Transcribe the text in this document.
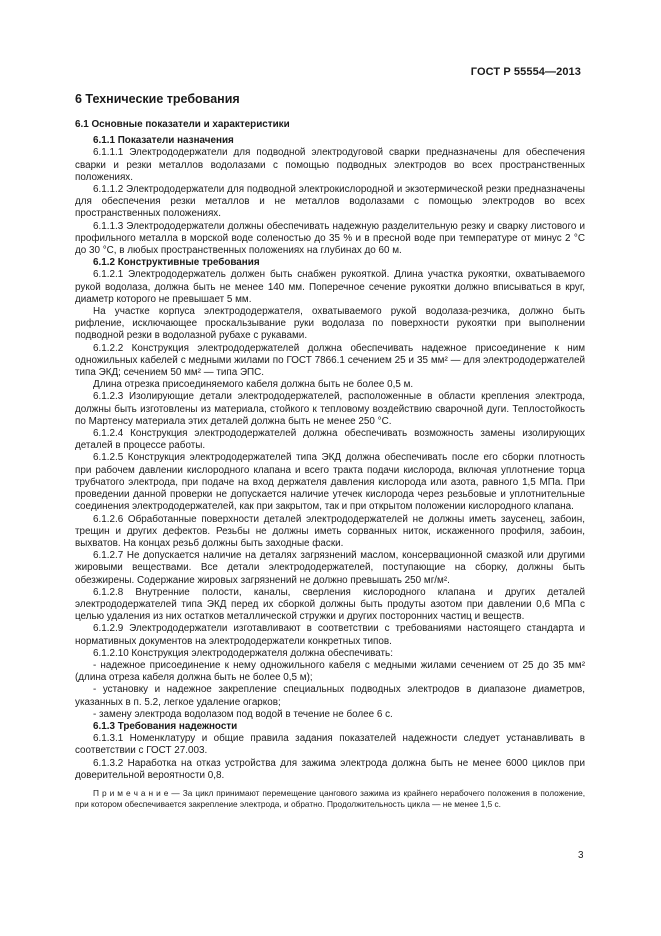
ГОСТ Р 55554—2013
6 Технические требования
6.1 Основные показатели и характеристики
6.1.1 Показатели назначения

6.1.1.1 Электрододержатели для подводной электродуговой сварки предназначены для обеспечения сварки и резки металлов водолазами с помощью подводных электродов во всех пространственных положениях.

6.1.1.2 Электрододержатели для подводной электрокислородной и экзотермической резки предназначены для обеспечения резки металлов и не металлов водолазами с помощью электродов во всех пространственных положениях.

6.1.1.3 Электрододержатели должны обеспечивать надежную разделительную резку и сварку листового и профильного металла в морской воде соленостью до 35 % и в пресной воде при температуре от минус 2 °С до 30 °С, в любых пространственных положениях на глубинах до 60 м.

6.1.2 Конструктивные требования

6.1.2.1 Электрододержатель должен быть снабжен рукояткой. Длина участка рукоятки, охватываемого рукой водолаза, должна быть не менее 140 мм. Поперечное сечение рукоятки должно вписываться в круг, диаметр которого не превышает 5 мм.

На участке корпуса электрододержателя, охватываемого рукой водолаза-резчика, должно быть рифление, исключающее проскальзывание руки водолаза по поверхности рукоятки при выполнении подводной резки в водолазной рубахе с рукавами.

6.1.2.2 Конструкция электрододержателей должна обеспечивать надежное присоединение к ним одножильных кабелей с медными жилами по ГОСТ 7866.1 сечением 25 и 35 мм² — для электрододержателей типа ЭКД; сечением 50 мм² — типа ЭПС.

Длина отрезка присоединяемого кабеля должна быть не более 0,5 м.

6.1.2.3 Изолирующие детали электрододержателей, расположенные в области крепления электрода, должны быть изготовлены из материала, стойкого к тепловому воздействию сварочной дуги. Теплостойкость по Мартенсу материала этих деталей должна быть не менее 250 °С.

6.1.2.4 Конструкция электрододержателей должна обеспечивать возможность замены изолирующих деталей в процессе работы.

6.1.2.5 Конструкция электрододержателей типа ЭКД должна обеспечивать после его сборки плотность при рабочем давлении кислородного клапана и всего тракта подачи кислорода, включая уплотнение торца трубчатого электрода, при подаче на вход держателя давления кислорода или азота, равного 1,5 МПа. При проведении данной проверки не допускается наличие утечек кислорода через резьбовые и уплотнительные соединения электрододержателей, как при закрытом, так и при открытом положении кислородного клапана.

6.1.2.6 Обработанные поверхности деталей электрододержателей не должны иметь заусенец, забоин, трещин и других дефектов. Резьбы не должны иметь сорванных ниток, искаженного профиля, забоин, выхватов. На концах резьб должны быть заходные фаски.

6.1.2.7 Не допускается наличие на деталях загрязнений маслом, консервационной смазкой или другими жировыми веществами. Все детали электрододержателей, поступающие на сборку, должны быть обезжирены. Содержание жировых загрязнений не должно превышать 250 мг/м².

6.1.2.8 Внутренние полости, каналы, сверления кислородного клапана и других деталей электрододержателей типа ЭКД перед их сборкой должны быть продуты азотом при давлении 0,6 МПа с целью удаления из них остатков металлической стружки и других посторонних частиц и веществ.

6.1.2.9 Электрододержатели изготавливают в соответствии с требованиями настоящего стандарта и нормативных документов на электрододержатели конкретных типов.

6.1.2.10 Конструкция электрододержателя должна обеспечивать:

- надежное присоединение к нему одножильного кабеля с медными жилами сечением от 25 до 35 мм² (длина отреза кабеля должна быть не более 0,5 м);

- установку и надежное закрепление специальных подводных электродов в диапазоне диаметров, указанных в п. 5.2, легкое удаление огарков;

- замену электрода водолазом под водой в течение не более 6 с.

6.1.3 Требования надежности

6.1.3.1 Номенклатуру и общие правила задания показателей надежности следует устанавливать в соответствии с ГОСТ 27.003.

6.1.3.2 Наработка на отказ устройства для зажима электрода должна быть не менее 6000 циклов при доверительной вероятности 0,8.

П р и м е ч а н и е — За цикл принимают перемещение цангового зажима из крайнего нерабочего положения в положение, при котором обеспечивается закрепление электрода, и обратно. Продолжительность цикла — не менее 1,5 с.

3
